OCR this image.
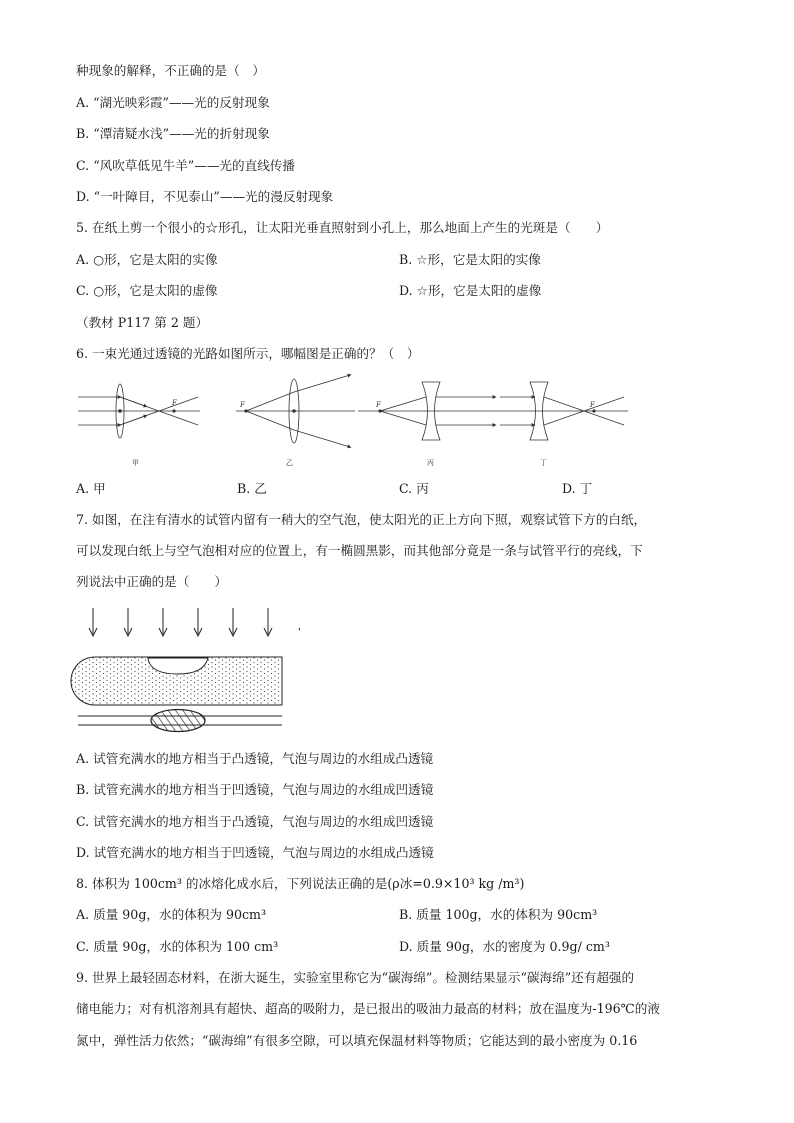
种现象的解释，不正确的是（　）
A. “湖光映彩霞”——光的反射现象
B. “潭清疑水浅”——光的折射现象
C. “风吹草低见牛羊”——光的直线传播
D. “一叶障目，不见泰山”——光的漫反射现象
5. 在纸上剪一个很小的☆形孔，让太阳光垂直照射到小孔上，那么地面上产生的光斑是（　　）
A. ○形，它是太阳的实像	B. ☆形，它是太阳的实像
C. ○形，它是太阳的虚像	D. ☆形，它是太阳的虚像
（教材 P117 第 2 题）
6. 一束光通过透镜的光路如图所示，哪幅图是正确的？（　）
F
甲
F
乙
F
丙
F
丁
A. 甲	B. 乙	C. 丙	D. 丁
7. 如图，在注有清水的试管内留有一稍大的空气泡，使太阳光的正上方向下照，观察试管下方的白纸，
可以发现白纸上与空气泡相对应的位置上，有一椭圆黑影，而其他部分竟是一条与试管平行的亮线，下
列说法中正确的是（　　）
A. 试管充满水的地方相当于凸透镜，气泡与周边的水组成凸透镜
B. 试管充满水的地方相当于凹透镜，气泡与周边的水组成凹透镜
C. 试管充满水的地方相当于凸透镜，气泡与周边的水组成凹透镜
D. 试管充满水的地方相当于凹透镜，气泡与周边的水组成凸透镜
8. 体积为 100cm³ 的冰熔化成水后，下列说法正确的是(ρ冰=0.9×10³ kg /m³)
A. 质量 90g，水的体积为 90cm³	B. 质量 100g，水的体积为 90cm³
C. 质量 90g，水的体积为 100 cm³	D. 质量 90g，水的密度为 0.9g/ cm³
9. 世界上最轻固态材料，在浙大诞生，实验室里称它为“碳海绵”。检测结果显示“碳海绵”还有超强的
储电能力；对有机溶剂具有超快、超高的吸附力，是已报出的吸油力最高的材料；放在温度为-196℃的液
氮中，弹性活力依然；“碳海绵”有很多空隙，可以填充保温材料等物质；它能达到的最小密度为 0.16
